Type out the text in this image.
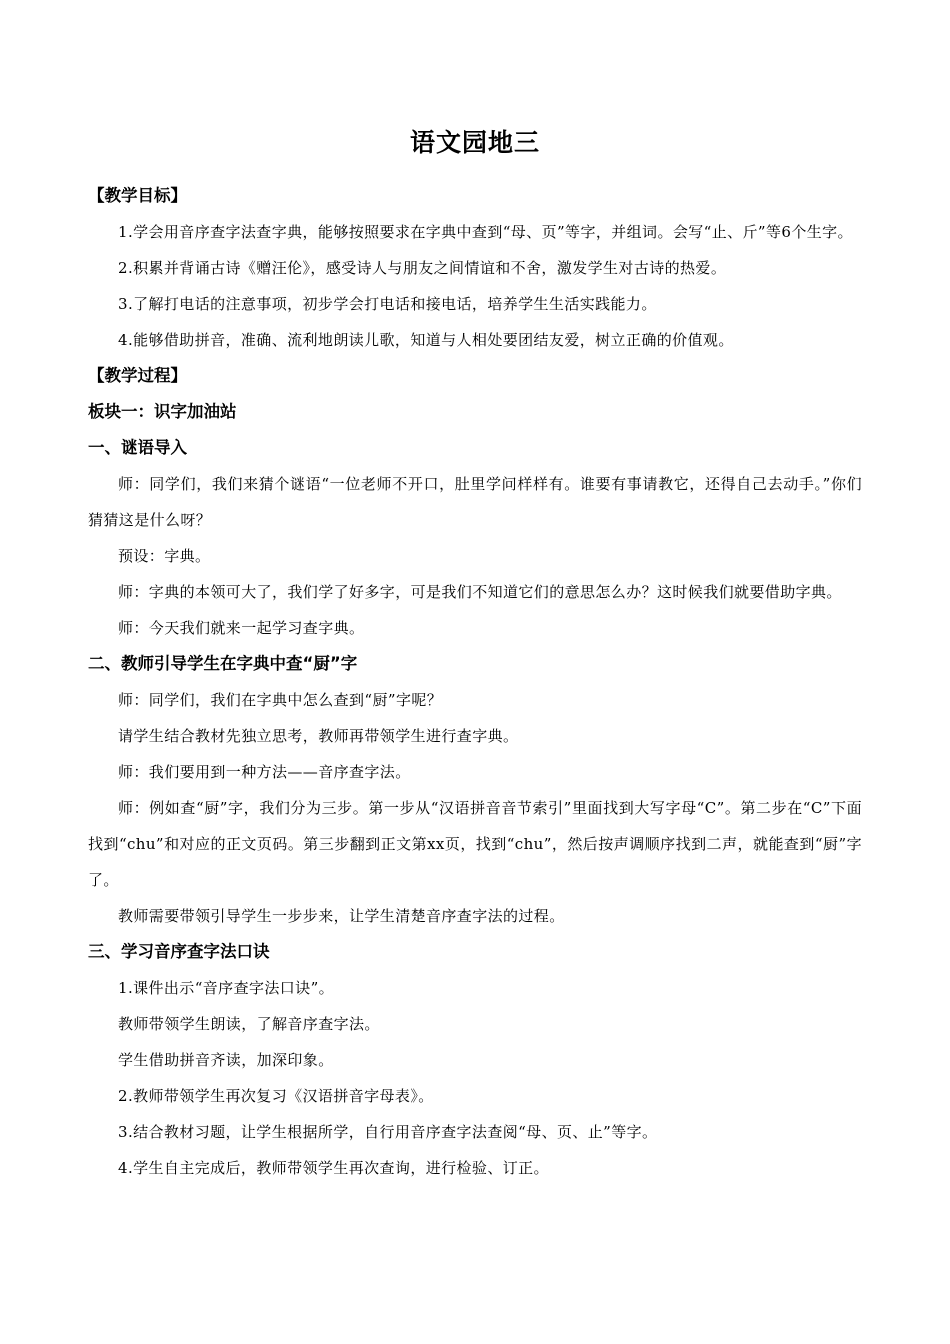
语文园地三
【教学目标】

1.学会用音序查字法查字典，能够按照要求在字典中查到“母、页”等字，并组词。会写“止、斤”等6个生字。

2.积累并背诵古诗《赠汪伦》，感受诗人与朋友之间情谊和不舍，激发学生对古诗的热爱。

3.了解打电话的注意事项，初步学会打电话和接电话，培养学生生活实践能力。

4.能够借助拼音，准确、流利地朗读儿歌，知道与人相处要团结友爱，树立正确的价值观。

【教学过程】
板块一：识字加油站
一、谜语导入

师：同学们，我们来猜个谜语“一位老师不开口，肚里学问样样有。谁要有事请教它，还得自己去动手。”你们猜猜这是什么呀？

预设：字典。

师：字典的本领可大了，我们学了好多字，可是我们不知道它们的意思怎么办？这时候我们就要借助字典。

师：今天我们就来一起学习查字典。

二、教师引导学生在字典中查“厨”字

师：同学们，我们在字典中怎么查到“厨”字呢？

请学生结合教材先独立思考，教师再带领学生进行查字典。

师：我们要用到一种方法——音序查字法。

师：例如查“厨”字，我们分为三步。第一步从“汉语拼音音节索引”里面找到大写字母“C”。第二步在“C”下面找到“chu”和对应的正文页码。第三步翻到正文第xx页，找到“chu”，然后按声调顺序找到二声，就能查到“厨”字了。

教师需要带领引导学生一步步来，让学生清楚音序查字法的过程。

三、学习音序查字法口诀

1.课件出示“音序查字法口诀”。

教师带领学生朗读，了解音序查字法。

学生借助拼音齐读，加深印象。

2.教师带领学生再次复习《汉语拼音字母表》。

3.结合教材习题，让学生根据所学，自行用音序查字法查阅“母、页、止”等字。

4.学生自主完成后，教师带领学生再次查询，进行检验、订正。
